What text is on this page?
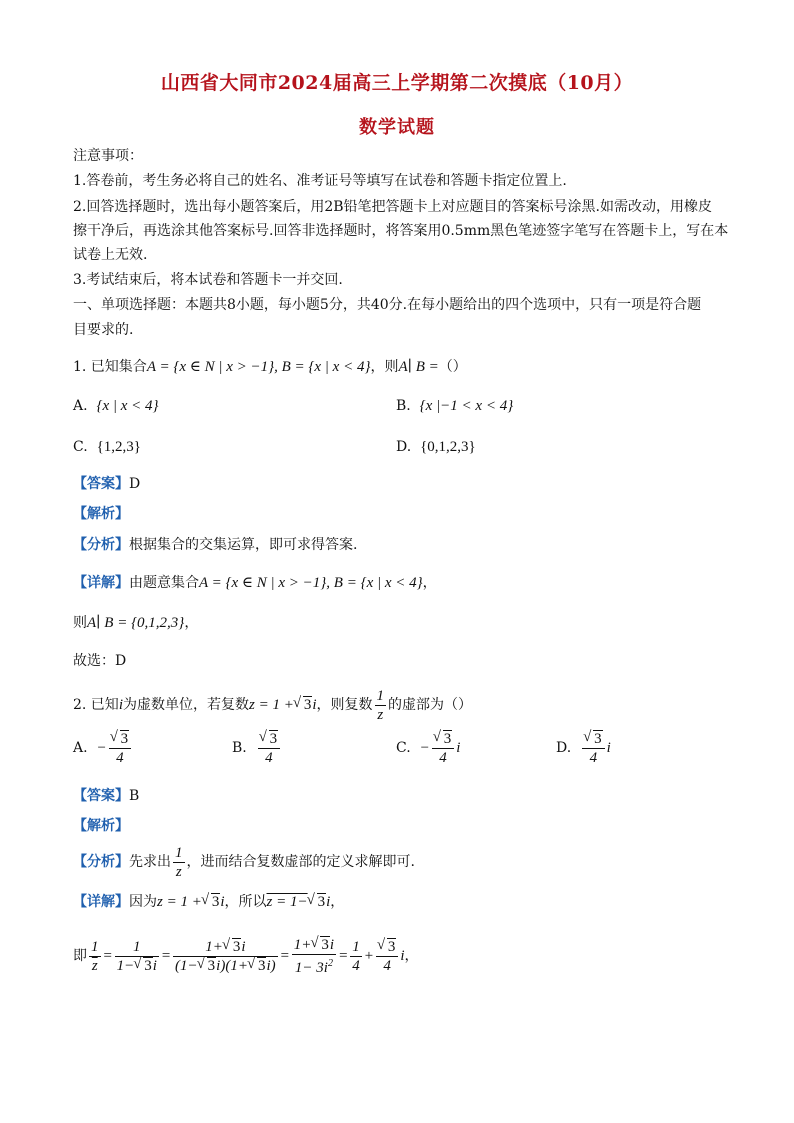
山西省大同市2024届高三上学期第二次摸底（10月）
数学试题
注意事项：
1.答卷前，考生务必将自己的姓名、准考证号等填写在试卷和答题卡指定位置上.
2.回答选择题时，选出每小题答案后，用2B铅笔把答题卡上对应题目的答案标号涂黑.如需改动，用橡皮
擦干净后，再选涂其他答案标号.回答非选择题时，将答案用0.5mm黑色笔迹签字笔写在答题卡上，写在本
试卷上无效.
3.考试结束后，将本试卷和答题卡一并交回.
一、单项选择题：本题共8小题，每小题5分，共40分.在每小题给出的四个选项中，只有一项是符合题
目要求的.
1. 已知集合A = {x ∈ N | x > −1}, B = {x | x < 4}，则A∣ B =（）
A. {x | x < 4}	B. {x |−1 < x < 4}
C. {1,2,3}	D. {0,1,2,3}
【 答案 】 D
【 解析 】
【 分析 】 根据集合的交集运算，即可求得答案.
【 详解 】 由题意集合A = {x ∈ N | x > −1}, B = {x | x < 4}，
则A∣ B = {0,1,2,3}，
故选：D
2. 已知i为虚数单位，若复数z = 1 + √ 3i，则复数 $\frac{1}{z}$ 的虚部为（）
A. − √ $\frac{3}{4}$	B. √ $\frac{3}{4}$	C. − √ $\frac{3}{4}$ i	D. √ $\frac{3}{4}$ i
【 答案 】 B
【 解析 】
【 分析 】 先求出 $\frac{1}{z}$ ，进而结合复数虚部的定义求解即可.
【 详解 】 因为z = 1 + √ 3i，所以z = 1− √ 3i，
即 $\frac{1}{z} = \frac{1}{1- √ 3i} = \frac{1+ √ 3i}{(1- √ 3i)(1+ √ 3i)} = \frac{1+ √ 3i}{1- 3i^2} = \frac{1}{4}$ + √ $\frac{3}{4}$ i，
